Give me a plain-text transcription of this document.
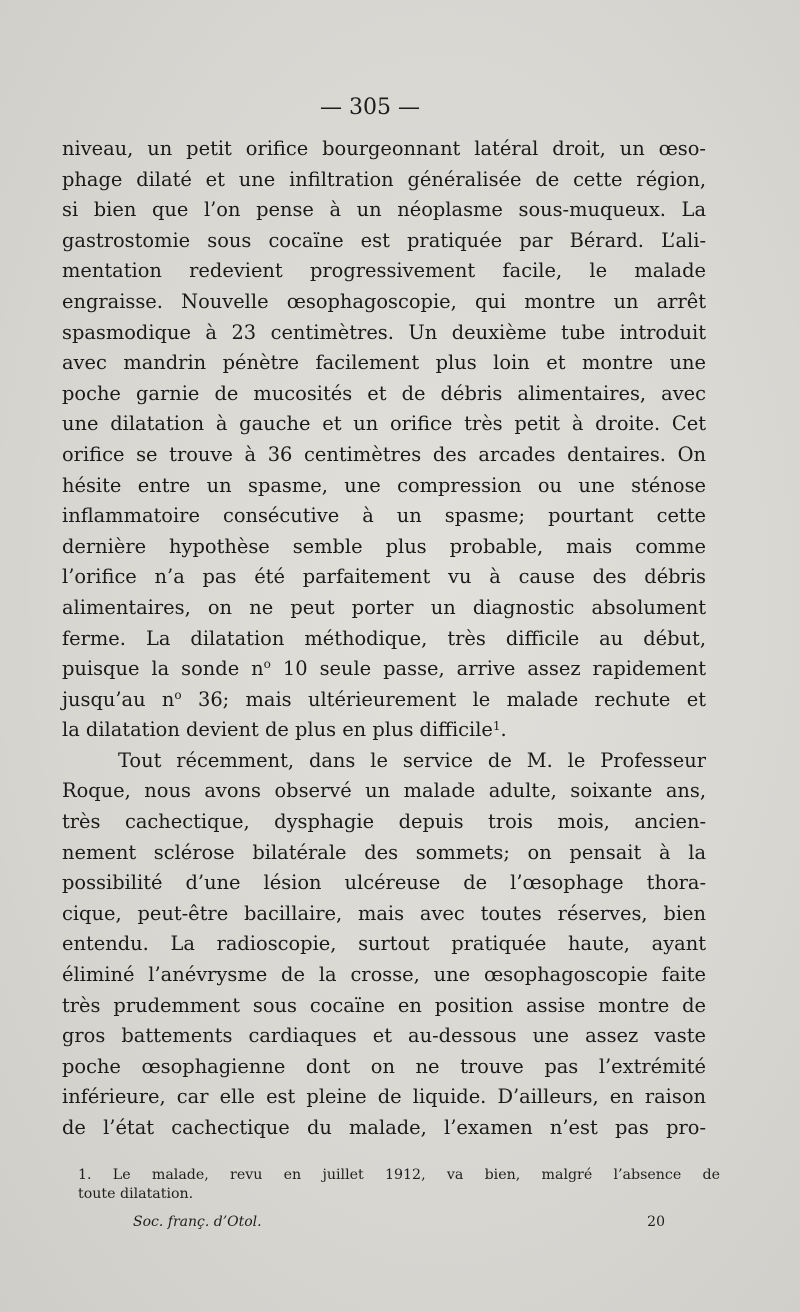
— 305 —
niveau, un petit orifice bourgeonnant latéral droit, un œso-
phage dilaté et une infiltration généralisée de cette région,
si bien que l’on pense à un néoplasme sous-muqueux. La
gastrostomie sous cocaïne est pratiquée par Bérard. L’ali-
mentation redevient progressivement facile, le malade
engraisse. Nouvelle œsophagoscopie, qui montre un arrêt
spasmodique à 23 centimètres. Un deuxième tube introduit
avec mandrin pénètre facilement plus loin et montre une
poche garnie de mucosités et de débris alimentaires, avec
une dilatation à gauche et un orifice très petit à droite. Cet
orifice se trouve à 36 centimètres des arcades dentaires. On
hésite entre un spasme, une compression ou une sténose
inflammatoire consécutive à un spasme; pourtant cette
dernière hypothèse semble plus probable, mais comme
l’orifice n’a pas été parfaitement vu à cause des débris
alimentaires, on ne peut porter un diagnostic absolument
ferme. La dilatation méthodique, très difficile au début,
puisque la sonde $n^o$ 10 seule passe, arrive assez rapidement
jusqu’au $n^o$ 36; mais ultérieurement le malade rechute et
la dilatation devient de plus en plus difficile$^1$.
Tout récemment, dans le service de M. le Professeur
Roque, nous avons observé un malade adulte, soixante ans,
très cachectique, dysphagie depuis trois mois, ancien-
nement sclérose bilatérale des sommets; on pensait à la
possibilité d’une lésion ulcéreuse de l’œsophage thora-
cique, peut-être bacillaire, mais avec toutes réserves, bien
entendu. La radioscopie, surtout pratiquée haute, ayant
éliminé l’anévrysme de la crosse, une œsophagoscopie faite
très prudemment sous cocaïne en position assise montre de
gros battements cardiaques et au-dessous une assez vaste
poche œsophagienne dont on ne trouve pas l’extrémité
inférieure, car elle est pleine de liquide. D’ailleurs, en raison
de l’état cachectique du malade, l’examen n’est pas pro-
1. Le malade, revu en juillet 1912, va bien, malgré l’absence de
toute dilatation.
Soc. franç. d’Otol.	20
